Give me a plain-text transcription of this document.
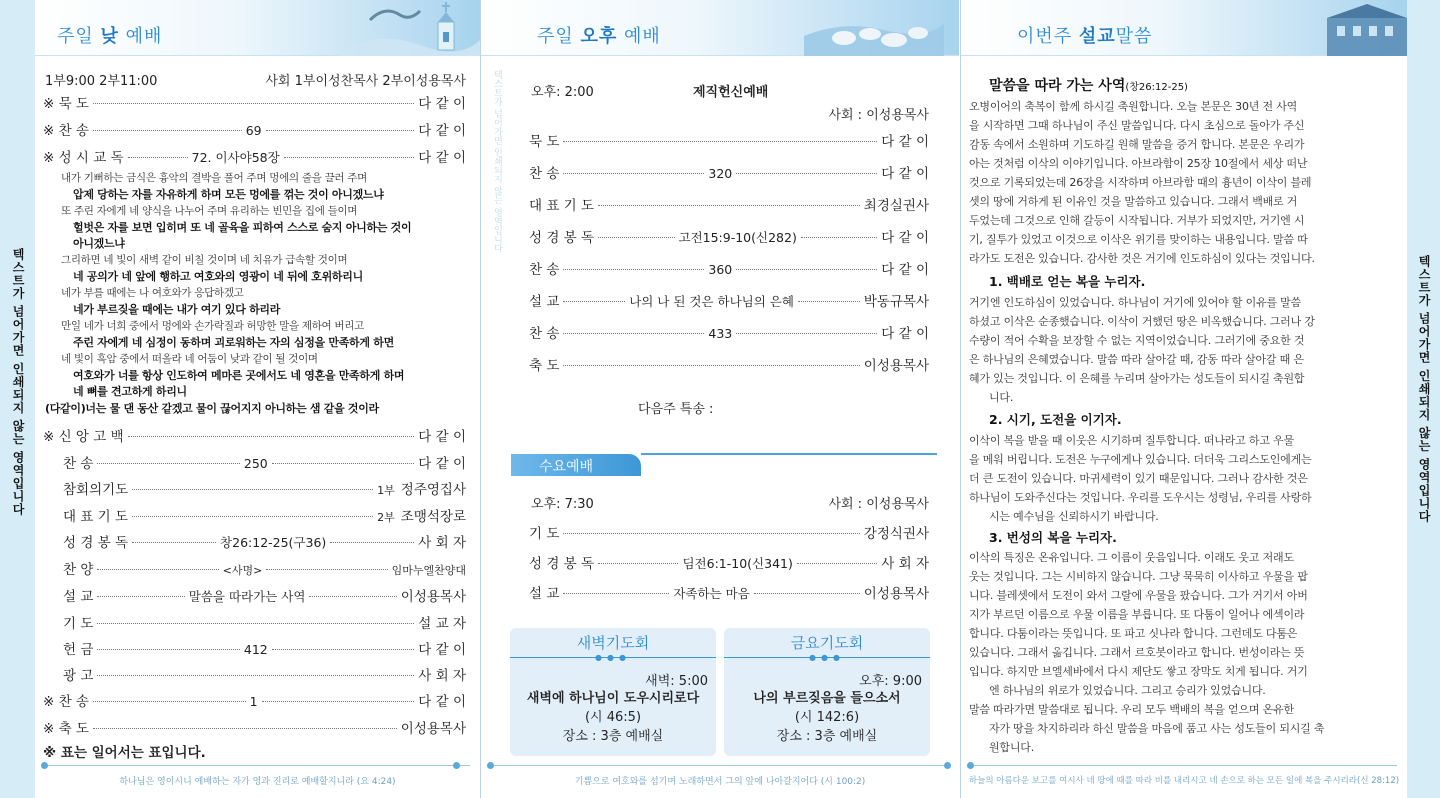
텍스트가 넘어가면 인쇄되지 않는 영역입니다	텍스트가 넘어가면 인쇄되지 않는 영역입니다
주일 낮 예배
1부9:00 2부11:00	사회 1부이성찬목사 2부이성용목사
※ 묵 도	다 같 이
※ 찬 송	69	다 같 이
※ 성 시 교 독	72. 이사야58장	다 같 이
내가 기뻐하는 금식은 흉악의 결박을 풀어 주며 멍에의 줄을 끌러 주며
압제 당하는 자를 자유하게 하며 모든 멍에를 꺾는 것이 아니겠느냐
또 주린 자에게 네 양식을 나누어 주며 유리하는 빈민을 집에 들이며
헐벗은 자를 보면 입히며 또 네 골육을 피하여 스스로 숨지 아니하는 것이
아니겠느냐
그리하면 네 빛이 새벽 같이 비칠 것이며 네 치유가 급속할 것이며
네 공의가 네 앞에 행하고 여호와의 영광이 네 뒤에 호위하리니
네가 부를 때에는 나 여호와가 응답하겠고
네가 부르짖을 때에는 내가 여기 있다 하리라
만일 네가 너희 중에서 멍에와 손가락질과 허망한 말을 제하여 버리고
주린 자에게 네 심정이 동하며 괴로워하는 자의 심정을 만족하게 하면
네 빛이 흑암 중에서 떠올라 네 어둠이 낮과 같이 될 것이며
여호와가 너를 항상 인도하여 메마른 곳에서도 네 영혼을 만족하게 하며
네 뼈를 견고하게 하리니
(다같이)너는 물 댄 동산 같겠고 물이 끊어지지 아니하는 샘 같을 것이라
※ 신 앙 고 백	다 같 이
찬 송	250	다 같 이
참회의기도	1부 정주영집사
대 표 기 도	2부 조맹석장로
성 경 봉 독	창26:12-25(구36)	사 회 자
찬 양	<사명>	임마누엘찬양대
설 교	말씀을 따라가는 사역	이성용목사
기 도	설 교 자
헌 금	412	다 같 이
광 고	사 회 자
※ 찬 송	1	다 같 이
※ 축 도	이성용목사
※ 표는 일어서는 표입니다.
하나님은 영이시니 예배하는 자가 영과 진리로 예배할지니라 (요 4:24)
텍스트가 넘어가면 인쇄되지 않는 영역입니다
주일 오후 예배
오후: 2:00	제직헌신예배
사회 : 이성용목사
묵 도	다 같 이
찬 송	320	다 같 이
대 표 기 도	최경실권사
성 경 봉 독	고전15:9-10(신282)	다 같 이
찬 송	360	다 같 이
설 교	나의 나 된 것은 하나님의 은혜	박동규목사
찬 송	433	다 같 이
축 도	이성용목사
다음주 특송 :
수요예배
오후: 7:30	사회 : 이성용목사
기 도	강정식권사
성 경 봉 독	딤전6:1-10(신341)	사 회 자
설 교	자족하는 마음	이성용목사
새벽기도회
●●●
새벽: 5:00
새벽에 하나님이 도우시리로다
(시 46:5)
장소 : 3층 예배실
금요기도회
●●●
오후: 9:00
나의 부르짖음을 들으소서
(시 142:6)
장소 : 3층 예배실
기쁨으로 여호와를 섬기며 노래하면서 그의 앞에 나아갈지어다 (시 100:2)
이번주 설교말씀
말씀을 따라 가는 사역(창26:12-25)
오병이어의 축복이 함께 하시길 축원합니다. 오늘 본문은 30년 전 사역
을 시작하면 그때 하나님이 주신 말씀입니다. 다시 초심으로 돌아가 주신
감동 속에서 소원하며 기도하길 원해 말씀을 증거 합니다. 본문은 우리가
아는 것처럼 이삭의 이야기입니다. 아브라함이 25장 10절에서 세상 떠난
것으로 기록되었는데 26장을 시작하며 아브라함 때의 흉년이 이삭이 블레
셋의 땅에 거하게 된 이유인 것을 말씀하고 있습니다. 그래서 백배로 거
두었는데 그것으로 인해 갈등이 시작됩니다. 거부가 되었지만, 거기엔 시
기, 질투가 있었고 이것으로 이삭은 위기를 맞이하는 내용입니다. 말씀 따
라가도 도전은 있습니다. 감사한 것은 거기에 인도하심이 있다는 것입니다.
1. 백배로 얻는 복을 누리자.
거기엔 인도하심이 있었습니다. 하나님이 거기에 있어야 할 이유를 말씀
하셨고 이삭은 순종했습니다. 이삭이 거했던 땅은 비옥했습니다. 그러나 강
수량이 적어 수확을 보장할 수 없는 지역이었습니다. 그러기에 중요한 것
은 하나님의 은혜였습니다. 말씀 따라 살아갈 때, 감동 따라 살아갈 때 은
혜가 있는 것입니다. 이 은혜를 누리며 살아가는 성도들이 되시길 축원합
니다.
2. 시기, 도전을 이기자.
이삭이 복을 받을 때 이웃은 시기하며 질투합니다. 떠나라고 하고 우물
을 메워 버립니다. 도전은 누구에게나 있습니다. 더더욱 그리스도인에게는
더 큰 도전이 있습니다. 마귀세력이 있기 때문입니다. 그러나 감사한 것은
하나님이 도와주신다는 것입니다. 우리를 도우시는 성령님, 우리를 사랑하
시는 예수님을 신뢰하시기 바랍니다.
3. 번성의 복을 누리자.
이삭의 특징은 온유입니다. 그 이름이 웃음입니다. 이래도 웃고 저래도
웃는 것입니다. 그는 시비하지 않습니다. 그냥 묵묵히 이사하고 우물을 팝
니다. 블레셋에서 도전이 와서 그랄에 우물을 팠습니다. 그가 거기서 아버
지가 부르던 이름으로 우물 이름을 부릅니다. 또 다툼이 일어나 에섹이라
합니다. 다툼이라는 뜻입니다. 또 파고 싯나라 합니다. 그런데도 다툼은
있습니다. 그래서 옮깁니다. 그래서 르호봇이라고 합니다. 번성이라는 뜻
입니다. 하지만 브엘세바에서 다시 제단도 쌓고 장막도 치게 됩니다. 거기
엔 하나님의 위로가 있었습니다. 그리고 승리가 있었습니다.
말씀 따라가면 말씀대로 됩니다. 우리 모두 백배의 복을 얻으며 온유한
자가 땅을 차지하리라 하신 말씀을 마음에 품고 사는 성도들이 되시길 축
원합니다.
하늘의 아름다운 보고를 여시사 네 땅에 때를 따라 비를 내리시고 네 손으로 하는 모든 일에 복을 주시리라(신 28:12)
